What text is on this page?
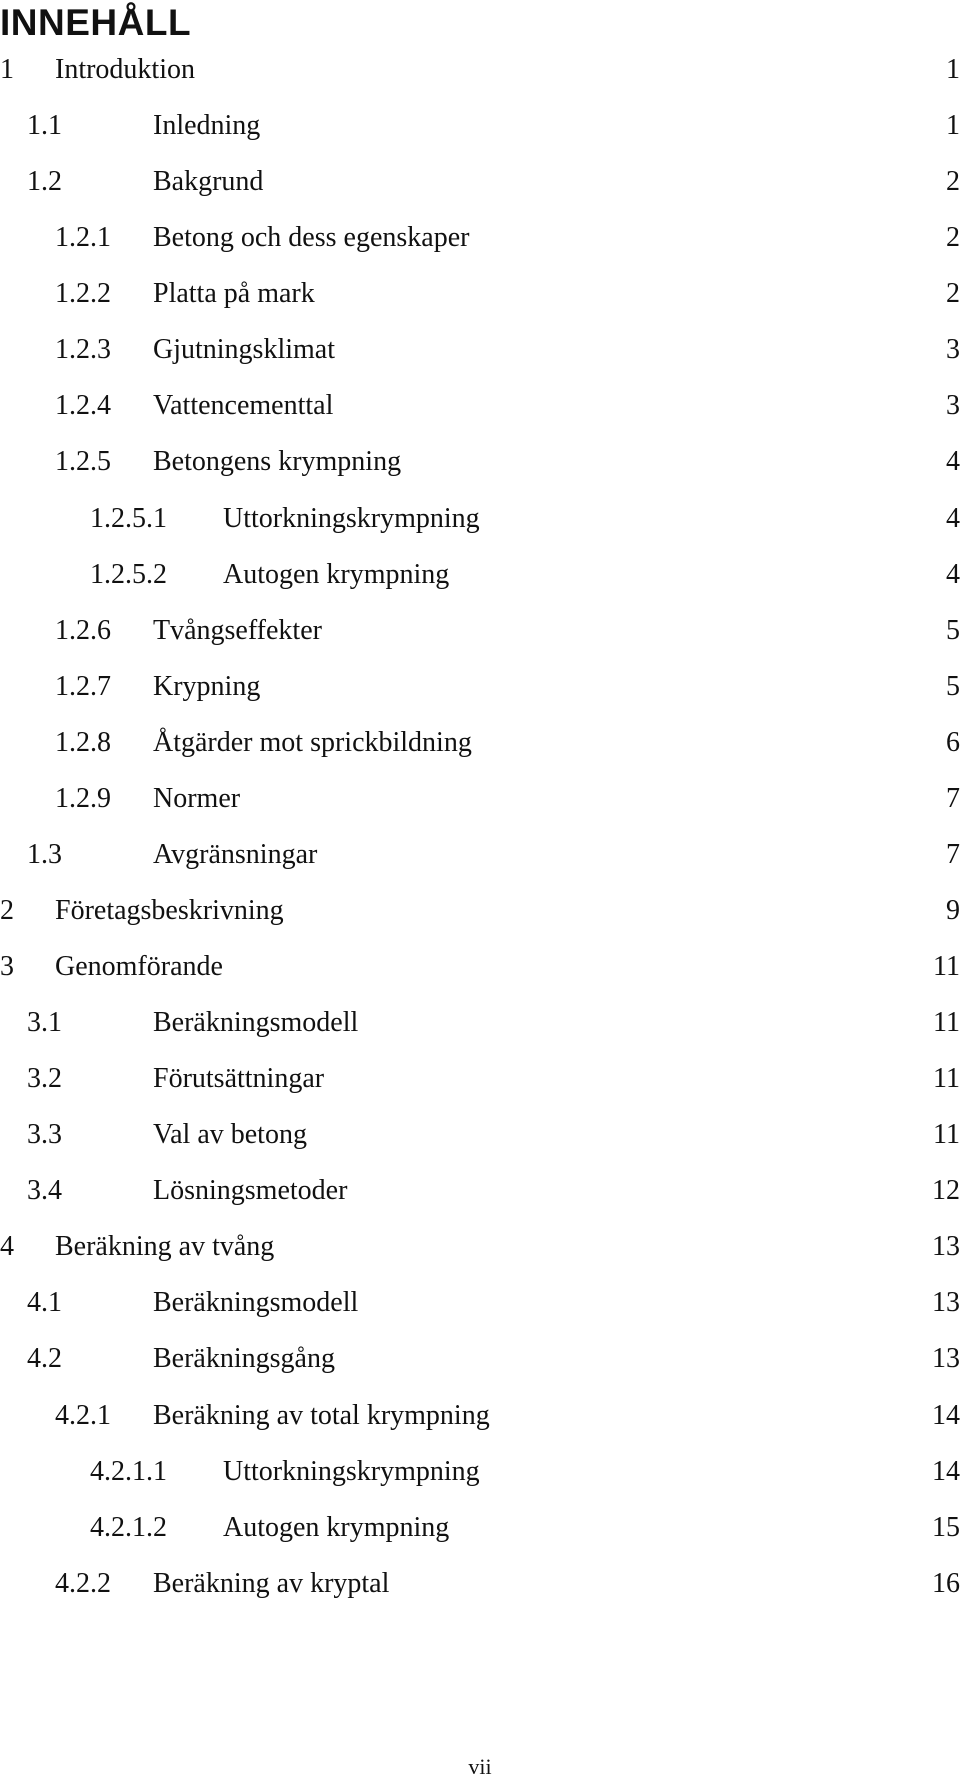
INNEHÅLL
1 Introduktion	1
1.1	Inledning	1
1.2	Bakgrund	2
1.2.1 Betong och dess egenskaper	2
1.2.2 Platta på mark	2
1.2.3 Gjutningsklimat	3
1.2.4 Vattencementtal	3
1.2.5 Betongens krympning	4
1.2.5.1 Uttorkningskrympning	4
1.2.5.2 Autogen krympning	4
1.2.6 Tvångseffekter	5
1.2.7 Krypning	5
1.2.8 Åtgärder mot sprickbildning	6
1.2.9 Normer	7
1.3	Avgränsningar	7
2 Företagsbeskrivning	9
3 Genomförande	11
3.1	Beräkningsmodell	11
3.2	Förutsättningar	11
3.3	Val av betong	11
3.4	Lösningsmetoder	12
4 Beräkning av tvång	13
4.1	Beräkningsmodell	13
4.2	Beräkningsgång	13
4.2.1 Beräkning av total krympning	14
4.2.1.1 Uttorkningskrympning	14
4.2.1.2 Autogen krympning	15
4.2.2 Beräkning av kryptal	16
vii
